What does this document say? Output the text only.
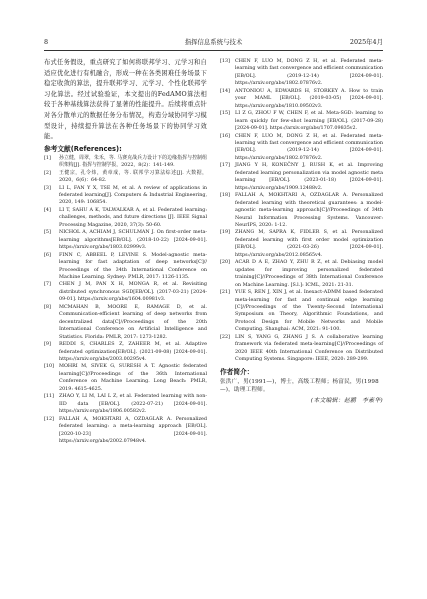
8	指挥信息系统与技术	2025年4月

布式任务假设，重点研究了如何将联邦学习、元学习和自适应优化进行有机融合，形成一种在各类困难任务场景下稳定收敛的算法，提升联邦学习、元学习、个性化联邦学习化算法。经过试验验证，本文提出的FedAMO算法相较于各种基线算法获得了显著的性能提升。后续将重点针对各分散单元的数据任务分布情况，构造分域协同学习模型设计，持续提升算法在各种任务场景下的协同学习效能。

参考文献(References):

[1] 孙立健，周翠，朱禾，等. 马赛克战兵力设计下的边缘指挥与控制组织架构[J]. 指挥与控制学报，2022，8(2)：141-149.
[2] 王健宗，孔令炜，黄章成，等. 联邦学习算法综述[J]. 大数据，2020，6(6)：64-82.
[3] LI L, FAN Y X, TSE M, et al. A review of applications in federated learning[J]. Computers & Industrial Engineering, 2020, 149: 106854.
[4] LI T, SAHU A K, TALWALKAR A, et al. Federated learning: challenges, methods, and future directions [J]. IEEE Signal Processing Magazine, 2020, 37(3): 50-60.
[5] NICHOL A, ACHIAM J, SCHULMAN J. On first-order meta-learning algorithms[EB/OL]. (2018-10-22) [2024-09-01]. https://arxiv.org/abs/1803.02999v3.
[6] FINN C, ABBEEL P, LEVINE S. Model-agnostic meta-learning for fast adaptation of deep networks[C]// Proceedings of the 34th International Conference on Machine Learning. Sydney: PMLR, 2017: 1126-1135.
[7] CHEN J M, PAN X H, MONGA R, et al. Revisiting distributed synchronous SGD[EB/OL]. (2017-03-21) [2024-09-01]. https://arxiv.org/abs/1604.00981v3.
[8] MCMAHAN B, MOORE E, RAMAGE D, et al. Communication-efficient learning of deep networks from decentralized data[C]//Proceedings of the 20th International Conference on Artificial Intelligence and Statistics. Florida: PMLR, 2017: 1273-1282.
[9] REDDI S, CHARLES Z, ZAHEER M, et al. Adaptive federated optimization[EB/OL]. (2021-09-08) [2024-09-01]. https://arxiv.org/abs/2003.00295v4.
[10] MOHRI M, SIVEK G, SURESH A T. Agnostic federated learning[C]//Proceedings of the 36th International Conference on Machine Learning. Long Beach: PMLR, 2019: 4615-4625.
[11] ZHAO Y, LI M, LAI L Z, et al. Federated learning with non-IID data [EB/OL]. (2022-07-21) [2024-09-01]. https://arxiv.org/abs/1806.00582v2.
[12] FALLAH A, MOKHTARI A, OZDAGLAR A. Personalized federated learning: a meta-learning approach [EB/OL]. [2020-10-23] [2024-09-01]. https://arxiv.org/abs/2002.07948v4.
[13] CHEN F, LUO M, DONG Z H, et al. Federated meta-learning with fast convergence and efficient communication [EB/OL]. (2019-12-14) [2024-09-01]. https://arxiv.org/abs/1802.07876v2.
[14] ANTONIOU A, EDWARDS H, STORKEY A. How to train your MAML [EB/OL]. (2019-03-05) [2024-09-01]. https://arxiv.org/abs/1810.09502v3.
[15] LI Z G, ZHOU F W, CHEN F, et al. Meta-SGD: learning to learn quickly for few-shot learning [EB/OL]. (2017-09-28) [2024-09-01]. https://arxiv.org/abs/1707.09835v2.
[16] CHEN F, LUO M, DONG Z H, et al. Federated meta-learning with fast convergence and efficient communication [EB/OL]. (2019-12-14) [2024-09-01]. https://arxiv.org/abs/1802.07876v2.
[17] JIANG Y H, KONEČNY J, RUSH K, et al. Improving federated learning personalization via model agnostic meta learning [EB/OL]. (2023-01-18) [2024-09-01]. https://arxiv.org/abs/1909.12488v2.
[18] FALLAH A, MOKHTARI A, OZDAGLAR A. Personalized federated learning with theoretical guarantees: a model-agnostic meta-learning approach[C]//Proceedings of 34th Neural Information Processing Systems. Vancouver: NeurIPS, 2020: 1-12.
[19] ZHANG M, SAPRA K, FIDLER S, et al. Personalized federated learning with first order model optimization [EB/OL]. (2021-03-26) [2024-09-01]. https://arxiv.org/abs/2012.08565v4.
[20] ACAR D A E, ZHAO Y, ZHU R Z, et al. Debiasing model updates for improving personalized federated training[C]//Proceedings of 38th International Conference on Machine Learning. [S.l.]: ICML, 2021: 21-31.
[21] YUE S, REN J, XIN J, et al. Inexact-ADMM based federated meta-learning for fast and continual edge learning [C]//Proceedings of the Twenty-Second International Symposium on Theory, Algorithmic Foundations, and Protocol Design for Mobile Networks and Mobile Computing. Shanghai: ACM, 2021: 91-100.
[22] LIN S, YANG G, ZHANG J S. A collaborative learning framework via federated meta-learning[C]//Proceedings of 2020 IEEE 40th International Conference on Distributed Computing Systems. Singapore: IEEE, 2020: 289-299.

作者简介：

张洪广，男(1991—)，博士，高级工程师；杨富民，男(1998—)，助理工程师。

(本文编辑：赵鹏　李素华)
